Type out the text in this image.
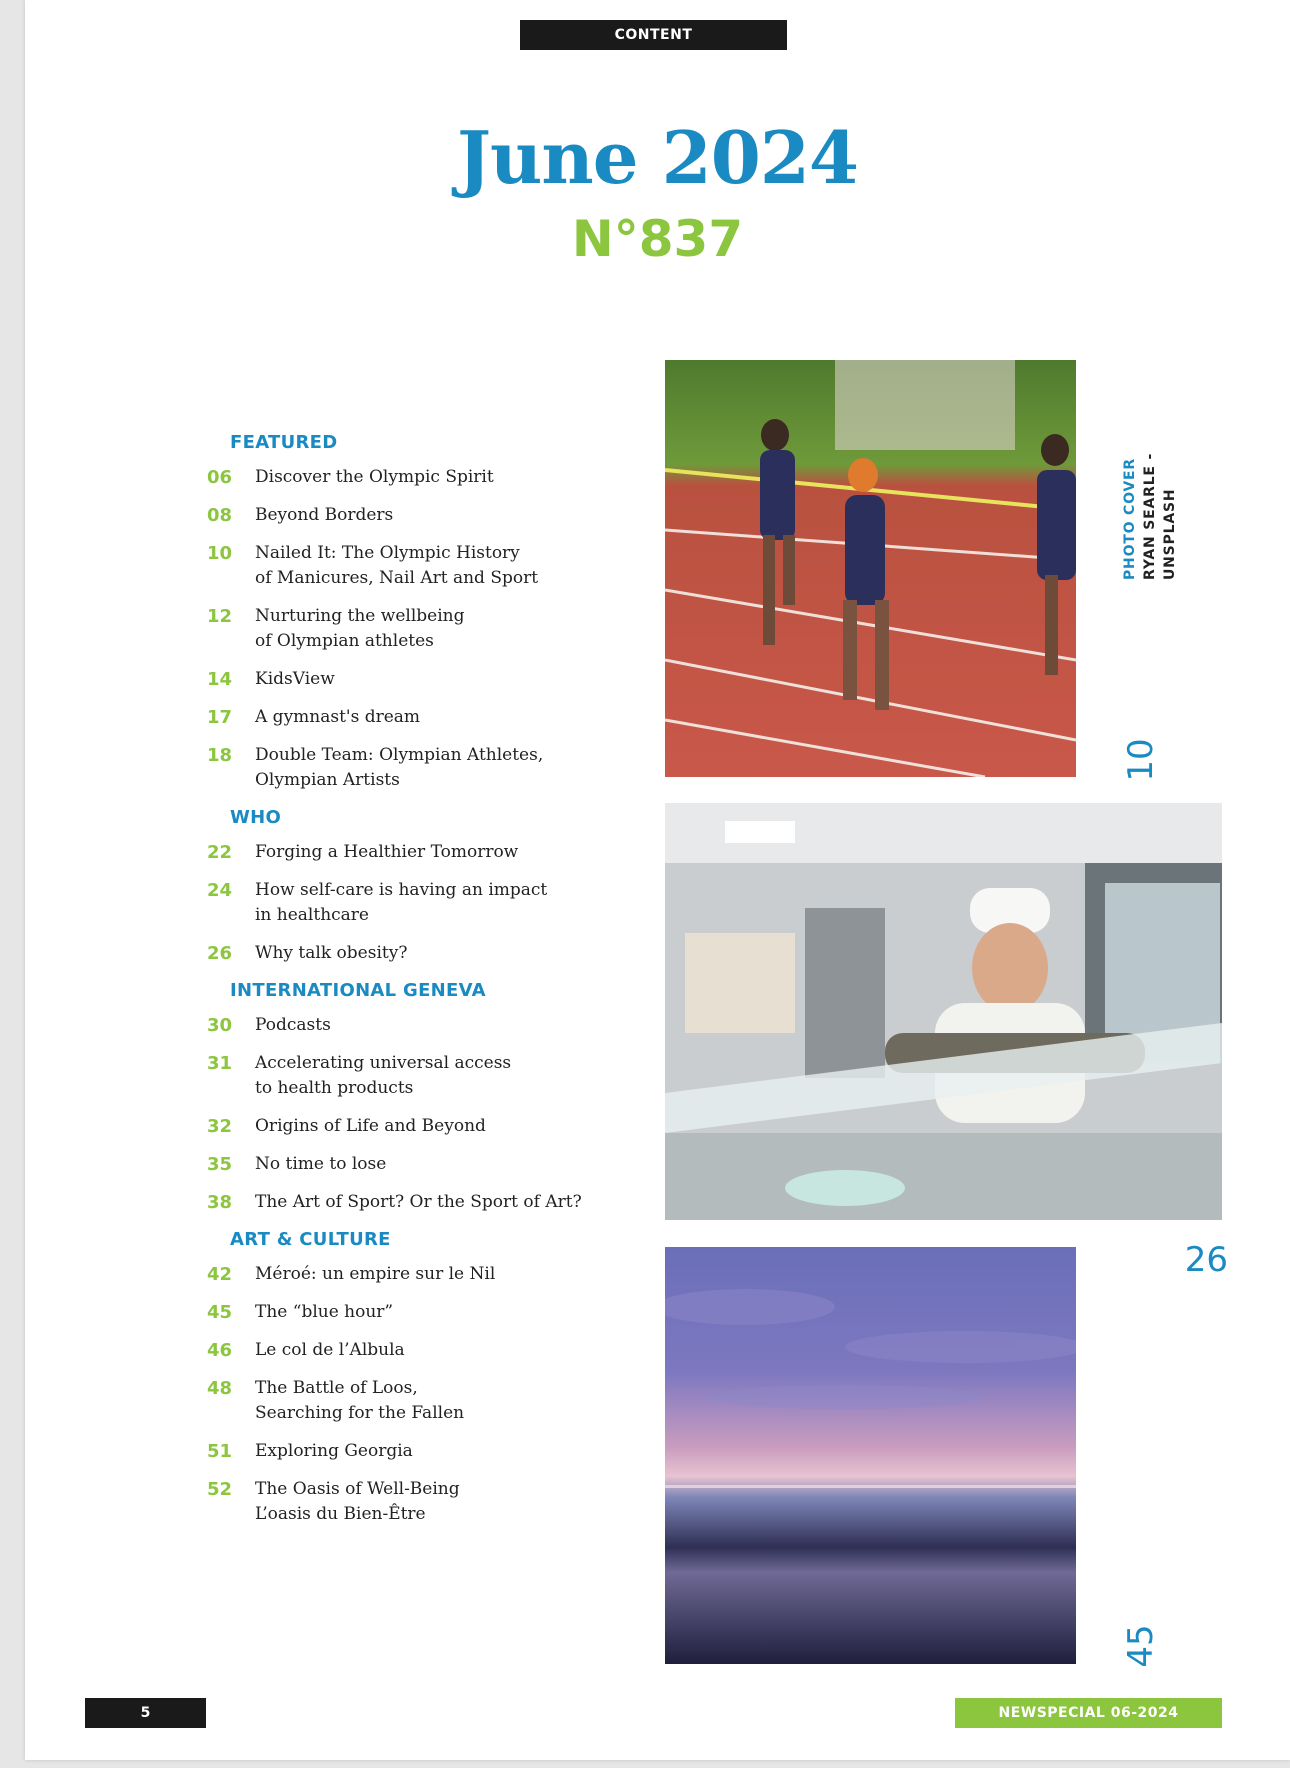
CONTENT
June 2024
N°837
FEATURED
06 Discover the Olympic Spirit
08 Beyond Borders
10 Nailed It: The Olympic History
of Manicures, Nail Art and Sport
12 Nurturing the wellbeing
of Olympian athletes
14 KidsView
17 A gymnast's dream
18 Double Team: Olympian Athletes,
Olympian Artists
WHO
22 Forging a Healthier Tomorrow
24 How self-care is having an impact
in healthcare
26 Why talk obesity?
INTERNATIONAL GENEVA
30 Podcasts
31 Accelerating universal access
to health products
32 Origins of Life and Beyond
35 No time to lose
38 The Art of Sport? Or the Sport of Art?
ART & CULTURE
42 Méroé: un empire sur le Nil
45 The “blue hour”
46 Le col de l’Albula
48 The Battle of Loos,
Searching for the Fallen
51 Exploring Georgia
52 The Oasis of Well-Being
L’oasis du Bien-Être
10
26
45
PHOTO COVER RYAN SEARLE - UNSPLASH
5	NEWSPECIAL 06-2024
